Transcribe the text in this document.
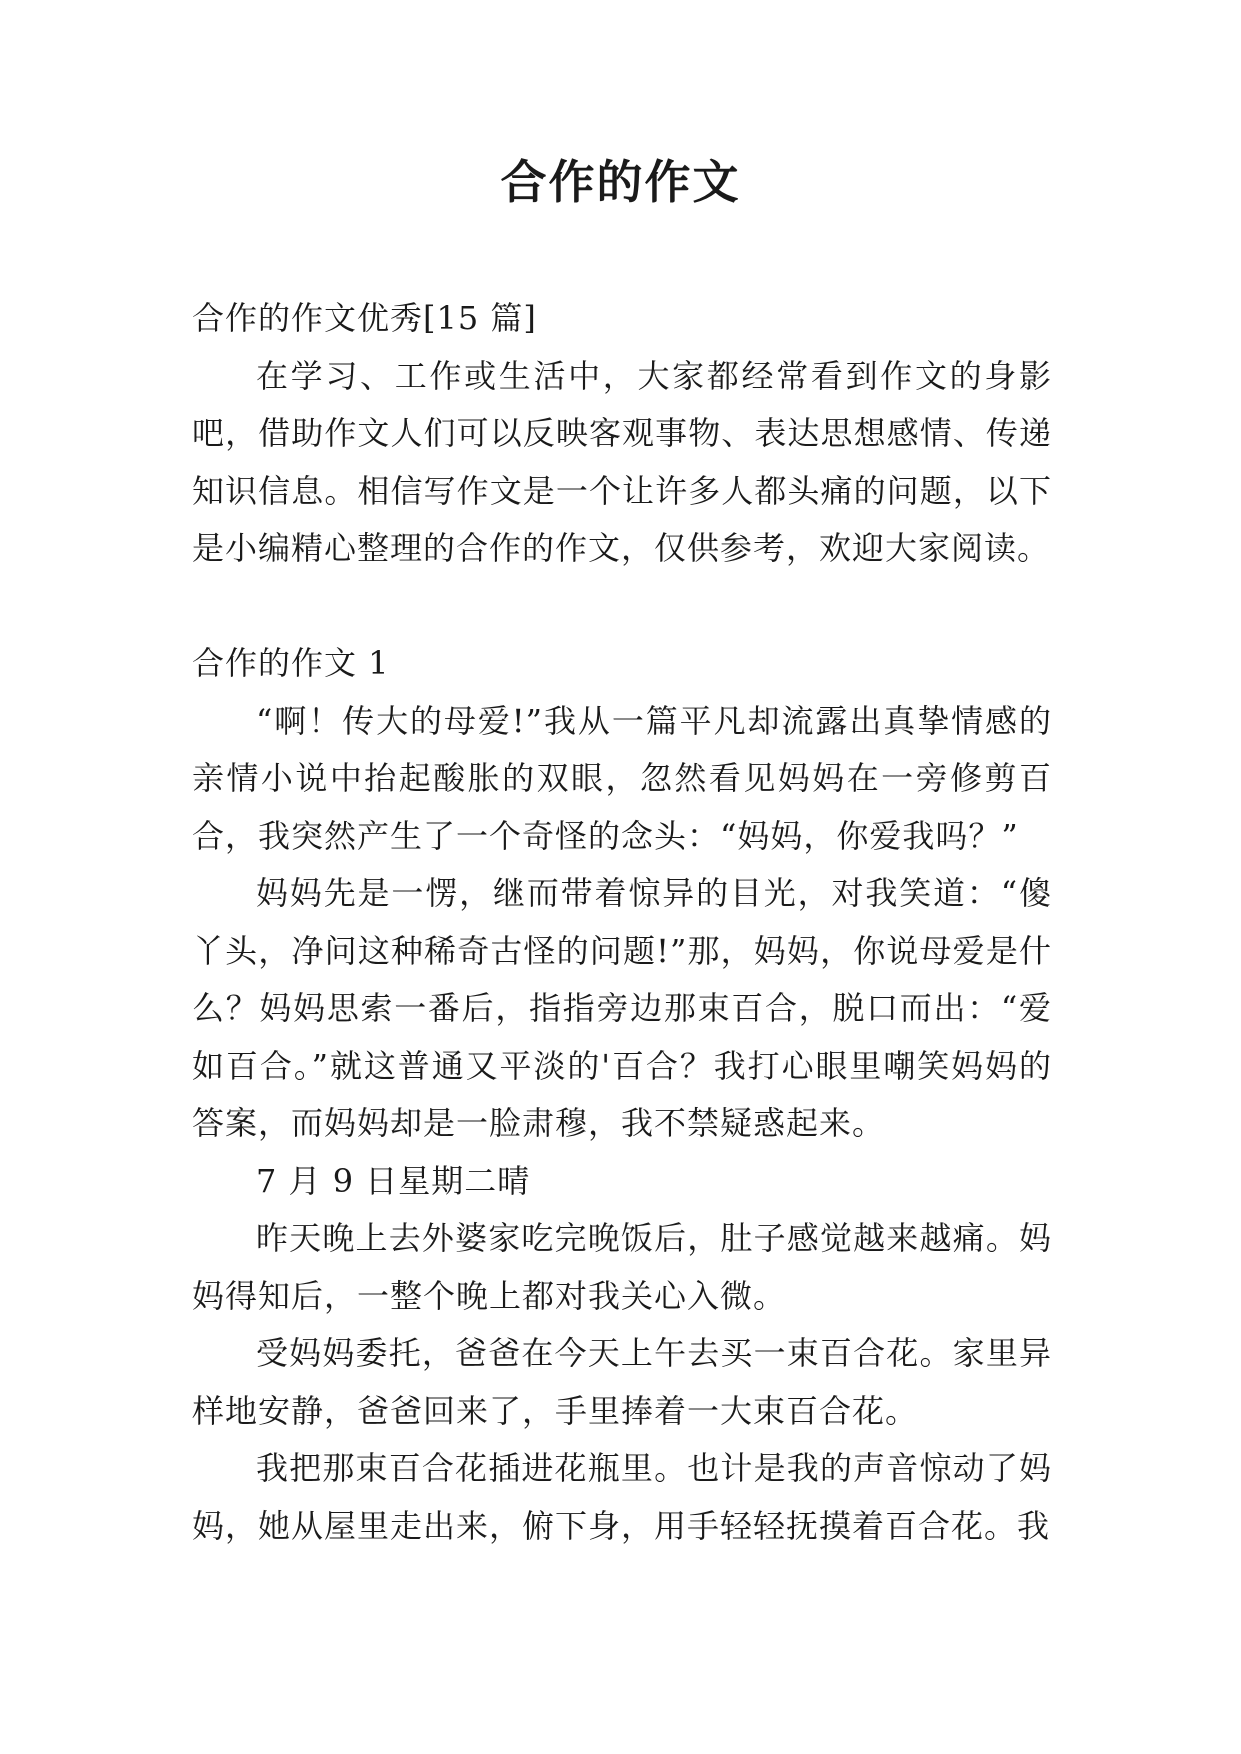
合作的作文

合作的作文优秀[15 篇]

在学习、工作或生活中，大家都经常看到作文的身影吧，借助作文人们可以反映客观事物、表达思想感情、传递知识信息。相信写作文是一个让许多人都头痛的问题，以下是小编精心整理的合作的作文，仅供参考，欢迎大家阅读。

合作的作文 1

“啊！传大的母爱!”我从一篇平凡却流露出真挚情感的亲情小说中抬起酸胀的双眼，忽然看见妈妈在一旁修剪百合，我突然产生了一个奇怪的念头：“妈妈，你爱我吗？”

妈妈先是一愣，继而带着惊异的目光，对我笑道：“傻丫头，净问这种稀奇古怪的问题!”那，妈妈，你说母爱是什么？妈妈思索一番后，指指旁边那束百合，脱口而出：“爱如百合。”就这普通又平淡的'百合？我打心眼里嘲笑妈妈的答案，而妈妈却是一脸肃穆，我不禁疑惑起来。

7 月 9 日星期二晴

昨天晚上去外婆家吃完晚饭后，肚子感觉越来越痛。妈妈得知后，一整个晚上都对我关心入微。

受妈妈委托，爸爸在今天上午去买一束百合花。家里异样地安静，爸爸回来了，手里捧着一大束百合花。

我把那束百合花插进花瓶里。也计是我的声音惊动了妈妈，她从屋里走出来，俯下身，用手轻轻抚摸着百合花。我
